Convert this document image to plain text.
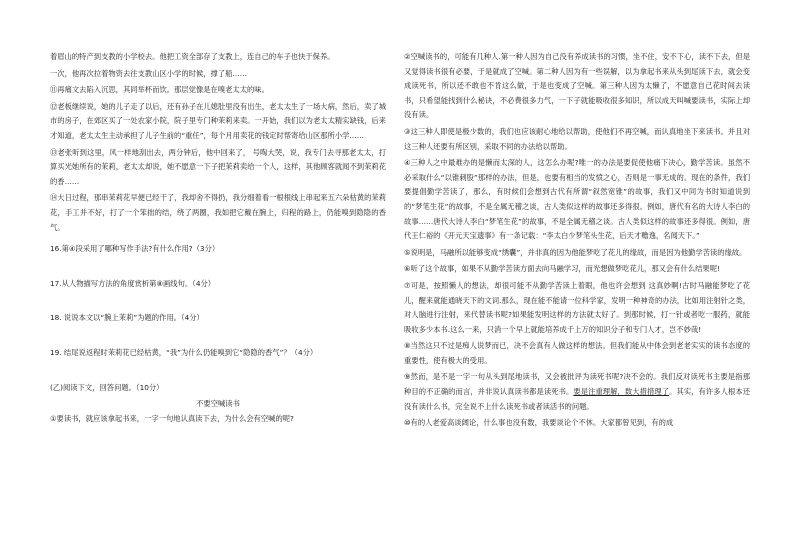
着眉山的特产到支教的小学校去。他把工资全部存了支教上，连自己的车子也快于保养。

一次，他再次拉着物资去往支教山区小学的时候，撑了船……

⑪再痛文去陷入沉思，其同举杯而饮。那层觉像是在嗅老太太的味。

⑫老板继续说，她的儿子走了以后，还有孙子在儿媳肚里没有出生，老太太生了一场大病，然后，卖了城市的房子，在郊区买了一处农家小院，院子里专门种茉莉来卖。一开始，我们以为老太太精实缺钱，后来才知道，老太太生主动承担了儿子生前的“重任”，每个月用卖花的钱定时帮寄给山区那所小学……

⑬老张听到这里，风一样地刮出去，两分钟后，他中回来了， 号啕大哭，说，我专门去寻那老太太，打算买光她所有的茉莉，老太太却说，她不愿意一下子把茉莉卖给一个人，这样，其他顾客就闻不到茉莉花的香……

⑭大日过程，那串茉莉花早便已经干了，我却舍不得扔，我分细着看一根根线上串起来五六朵枯黄的茉莉花，手工并不好，打了一个笨拙的结，绕了两圈，我如把它戴在腕上，归程的路上，仍能嗅到隐隐的香气。

16.第④段采用了哪种写作手法?有什么作用?（3分）

17.从人物描写方法的角度赏析第⑧画线句。（4分）

18. 说说本文以“腕上茉莉”为题的作用。（4分）

19. 结尾说返程时茉莉花已经枯黄，“我”为什么仍能嗅到它“隐隐的香气”？（4分）

(乙)阅读下文，回答问题。（10分）

不要空喊读书

①要读书，就应该拿起书来，一字一句地认真读下去，为什么会有空喊的呢?

②空喊读书的，可能有几种人.第一种人因为自己没有养成读书的习惯，坐不住，安不下心，读不下去，但是又觉得读书很有必要，于是就成了空喊。第二种人因为有一些误解，以为拿起书来从头到尾读下去，就会变成读死书，所以还不敢也不肯这么做，于是也变成了空喊。第三种人因为太懒了，不愿意自己花时间去读书，只希望能找到什么秘诀，不必费很多力气，一下子就能吸收很多知识，所以成天叫喊要读书，实际上却没有读。

③这三种人即使是极少数的，我们也应该耐心地给以帮助，使他们不再空喊，而认真地坐下来读书。并且对这三种人还要有所区别，采取不同的办法给以帮助。

④三种人之中最难办的是懒而太深的人，这怎么办呢?唯一的办法是要促使他痛下决心，勤学苦读。虽然不必采取什么“以锥刺股”那样的办法，但是，也要有相当的发愤之心，否则是一事无成的。现在的条件，我们要提倡勤学苦读了，那么，有时候们会想到古代有所谓“叙然宽锥”的故事，我们又中同为书时知道说到的“梦笔生花”的故事，不是全属无稽之谈，古人类似这样的故事还多得很。例如，唐代有名的大诗人李白的故事……唐代大诗人李白“梦笔生花”的故事，不是全属无稽之谈。古人类似这样的故事还多得很。例如，唐代王仁裕的《开元天宝遗事》有一条记载：“李太白少梦笔头生花，后天才赡逸，名闻天下。”

⑤说明是，马融所以能够变成“绣囊”，并非真的因为他能梦吃了花儿的缘故，而是因为他勤学苦读的缘故。

⑥听了这个故事，如果不从勤学苦读方面去向马融学习，而光想做梦吃花儿，那又会有什么结果呢!

⑦可是，按照懒人的想法，却很可能不从勤学苦读上着眼，他也许会想到 这真妙啊!古时马融能梦吃了花儿，醒来就能通晓天下的文词.那么，现在能不能请一位科学家，发明一种神奇的办法，比如用注射针之类，对人脑进行注射，来代替读书呢?如果能发明这样的方法就太好了。到那时候，打一针或者吃一服药，就能吸收多少本书.这么一来，只消一个早上就能培养成千上万的知识分子和专门人才，岂不妙哉!

⑧当然这只不过是痴人说梦而已，决不会真有人做这样的想法。但我们能从中体会到老老实实的读书态度的重要性，使有极大的受用。

⑨然而，是不是一字一句从头到尾地读书，又会被批评为读死书呢?决不会的。我们反对读死书主要是指那种目的不正确的而言，并非说认真读书都是读死书。要是注重理解，数大措措理了。其实，有许多人根本还没有读什么书，完全说不上什么读死书或者读活书的问题。

⑩有的人老爱高谈阔论，什么事也没有数，我要谈论个不休。大家都曾见到，有的成
